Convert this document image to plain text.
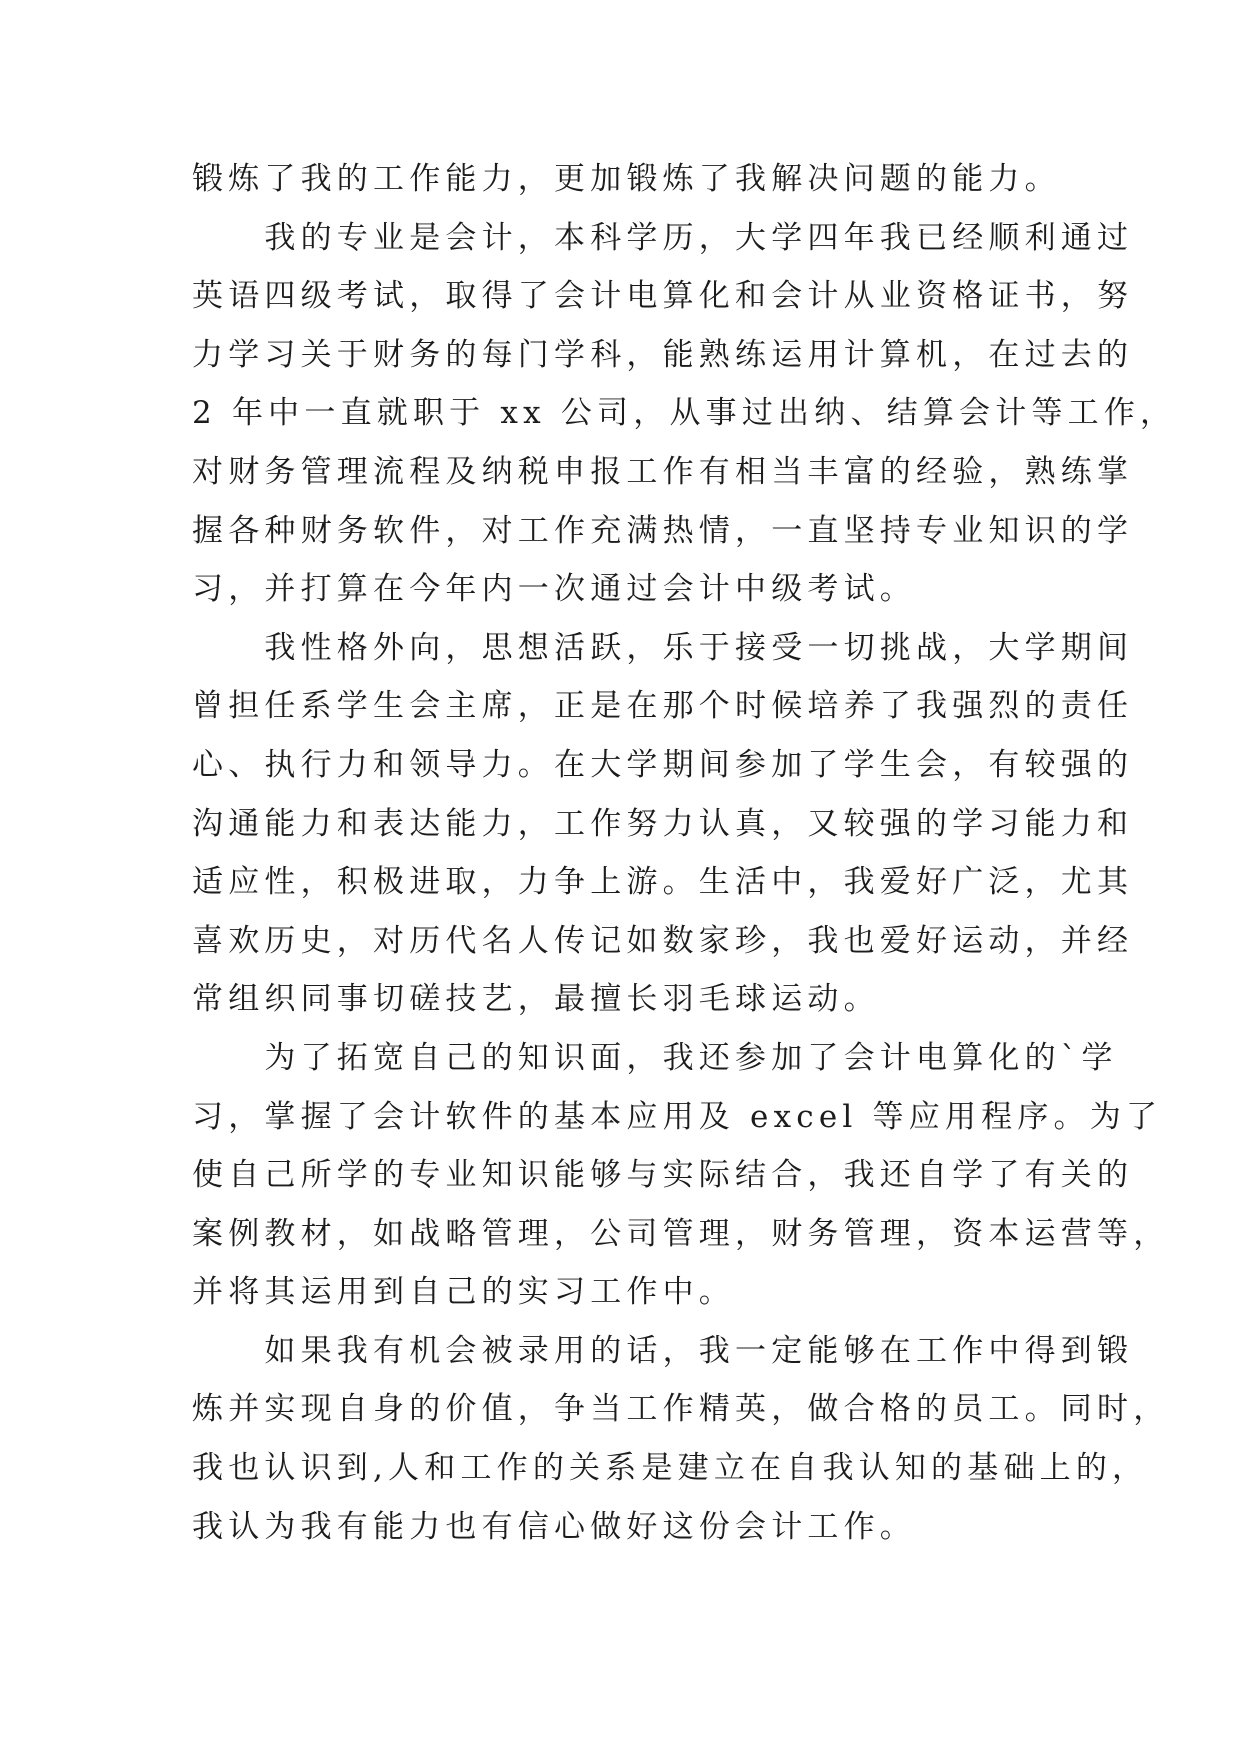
锻炼了我的工作能力，更加锻炼了我解决问题的能力。
　　我的专业是会计，本科学历，大学四年我已经顺利通过
英语四级考试，取得了会计电算化和会计从业资格证书，努
力学习关于财务的每门学科，能熟练运用计算机，在过去的
2 年中一直就职于 xx 公司，从事过出纳、结算会计等工作，
对财务管理流程及纳税申报工作有相当丰富的经验，熟练掌
握各种财务软件，对工作充满热情，一直坚持专业知识的学
习，并打算在今年内一次通过会计中级考试。
　　我性格外向，思想活跃，乐于接受一切挑战，大学期间
曾担任系学生会主席，正是在那个时候培养了我强烈的责任
心、执行力和领导力。在大学期间参加了学生会，有较强的
沟通能力和表达能力，工作努力认真，又较强的学习能力和
适应性，积极进取，力争上游。生活中，我爱好广泛，尤其
喜欢历史，对历代名人传记如数家珍，我也爱好运动，并经
常组织同事切磋技艺，最擅长羽毛球运动。
　　为了拓宽自己的知识面，我还参加了会计电算化的`学
习，掌握了会计软件的基本应用及 excel 等应用程序。为了
使自己所学的专业知识能够与实际结合，我还自学了有关的
案例教材，如战略管理，公司管理，财务管理，资本运营等，
并将其运用到自己的实习工作中。
　　如果我有机会被录用的话，我一定能够在工作中得到锻
炼并实现自身的价值，争当工作精英，做合格的员工。同时，
我也认识到,人和工作的关系是建立在自我认知的基础上的，
我认为我有能力也有信心做好这份会计工作。
